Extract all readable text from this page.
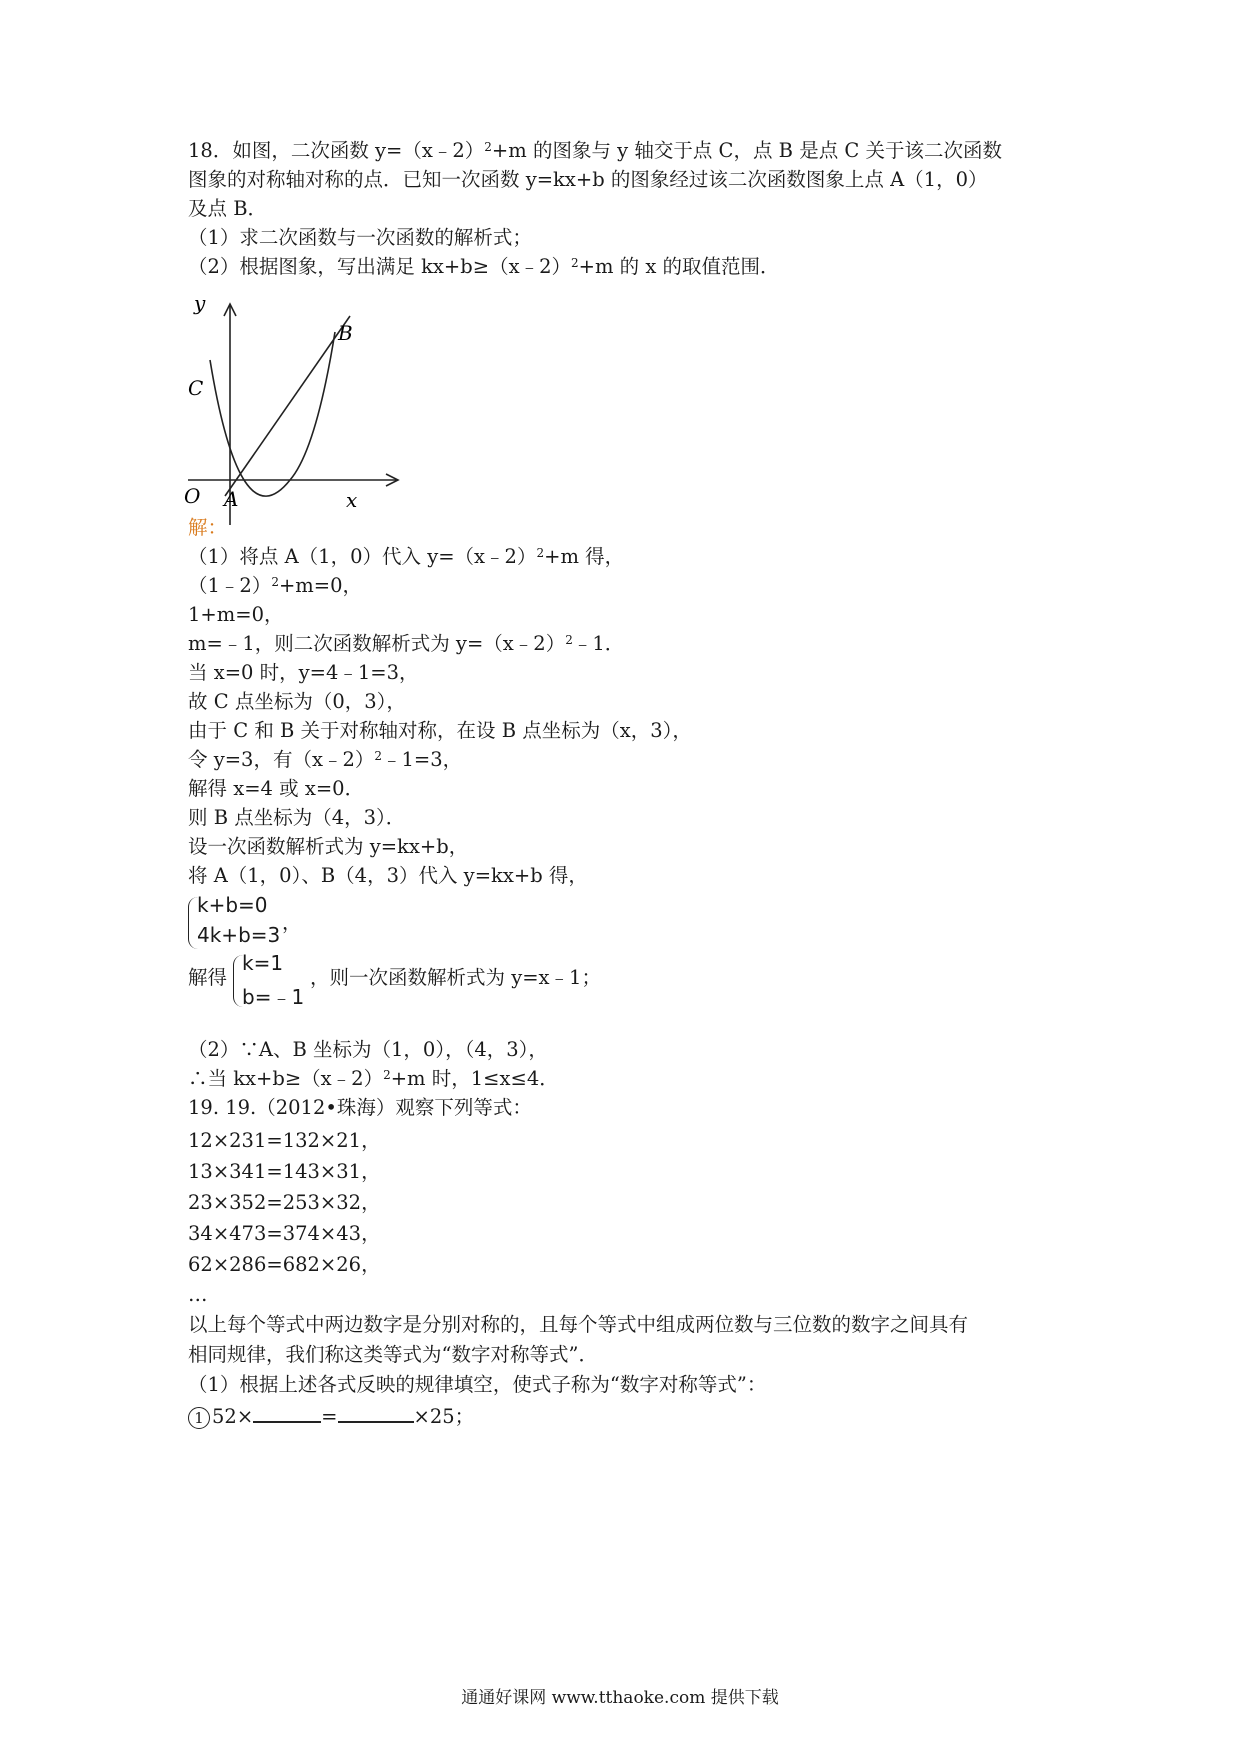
18．如图，二次函数 y=（x﹣2）$^2$+m 的图象与 y 轴交于点 C，点 B 是点 C 关于该二次函数
图象的对称轴对称的点．已知一次函数 y=kx+b 的图象经过该二次函数图象上点 A（1，0）
及点 B．
（1）求二次函数与一次函数的解析式；
（2）根据图象，写出满足 kx+b≥（x﹣2）$^2$+m 的 x 的取值范围．
y
x
O A
B
C
解：
（1）将点 A（1，0）代入 y=（x﹣2）$^2$+m 得，
（1﹣2）$^2$+m=0，
1+m=0，
m=﹣1，则二次函数解析式为 y=（x﹣2）$^2$﹣1．
当 x=0 时，y=4﹣1=3，
故 C 点坐标为（0，3），
由于 C 和 B 关于对称轴对称，在设 B 点坐标为（x，3），
令 y=3，有（x﹣2）$^2$﹣1=3，
解得 x=4 或 x=0．
则 B 点坐标为（4，3）．
设一次函数解析式为 y=kx+b，
将 A（1，0）、B（4，3）代入 y=kx+b 得，
k+b=0
4k+b=3
，
解得
k=1
b=﹣1
，则一次函数解析式为 y=x﹣1；
（2）∵A、B 坐标为（1，0），（4，3），
∴当 kx+b≥（x﹣2）$^2$+m 时，1≤x≤4．
19. 19.（2012•珠海）观察下列等式：
12×231=132×21，
13×341=143×31，
23×352=253×32，
34×473=374×43，
62×286=682×26，
…
以上每个等式中两边数字是分别对称的，且每个等式中组成两位数与三位数的数字之间具有
相同规律，我们称这类等式为“数字对称等式”．
（1）根据上述各式反映的规律填空，使式子称为“数字对称等式”：
1 52×	=	×25；
通通好课网 www.tthaoke.com 提供下载
